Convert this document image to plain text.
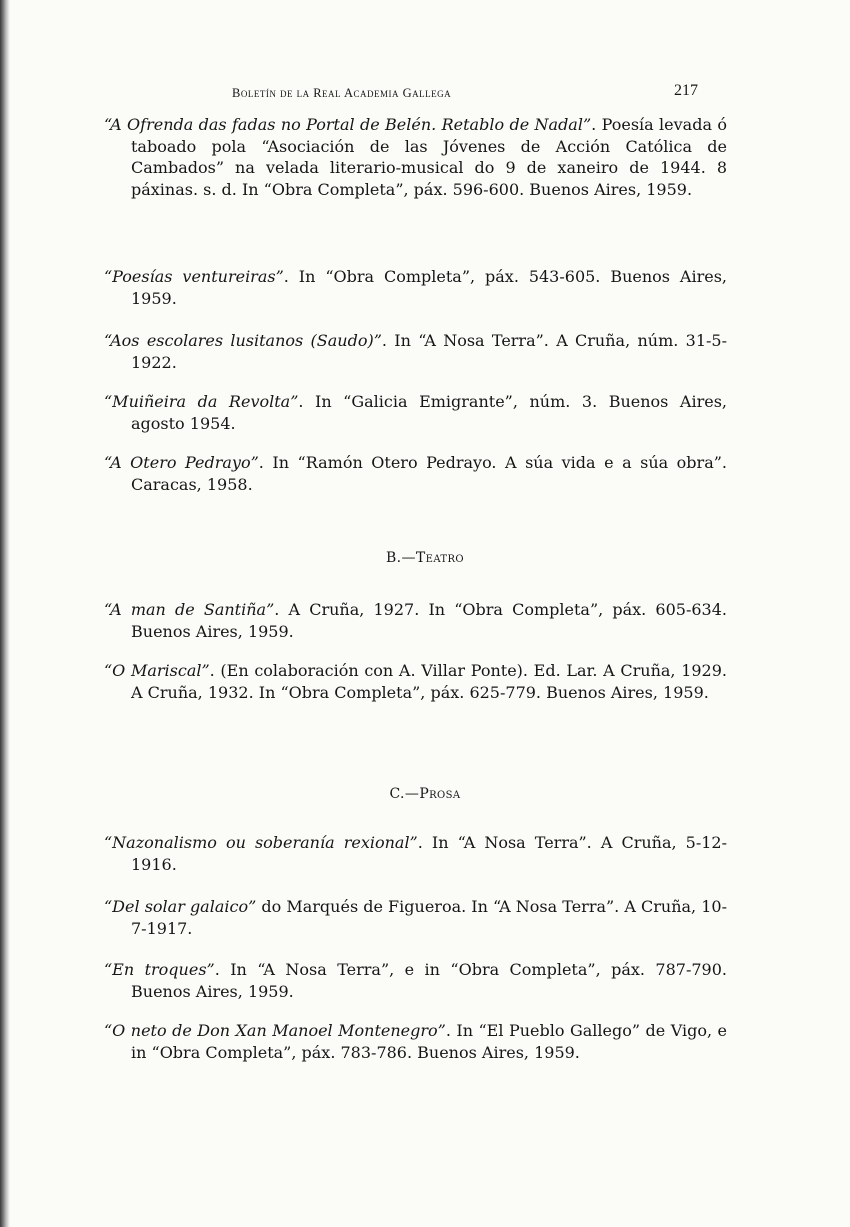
Boletín de la Real Academia Gallega	217

“A Ofrenda das fadas no Portal de Belén. Retablo de Nadal”. Poesía levada ó taboado pola “Asociación de las Jóvenes de Acción Católica de Cambados” na velada literario-musical do 9 de xaneiro de 1944. 8 páxinas. s. d. In “Obra Completa”, páx. 596-600. Buenos Aires, 1959.

“Poesías ventureiras”. In “Obra Completa”, páx. 543-605. Buenos Aires, 1959.

“Aos escolares lusitanos (Saudo)”. In “A Nosa Terra”. A Cruña, núm. 31-5-1922.

“Muiñeira da Revolta”. In “Galicia Emigrante”, núm. 3. Buenos Aires, agosto 1954.

“A Otero Pedrayo”. In “Ramón Otero Pedrayo. A súa vida e a súa obra”. Caracas, 1958.

B.—Teatro

“A man de Santiña”. A Cruña, 1927. In “Obra Completa”, páx. 605-634. Buenos Aires, 1959.

“O Mariscal”. (En colaboración con A. Villar Ponte). Ed. Lar. A Cruña, 1929. A Cruña, 1932. In “Obra Completa”, páx. 625-779. Buenos Aires, 1959.

C.—Prosa

“Nazonalismo ou soberanía rexional”. In “A Nosa Terra”. A Cruña, 5-12-1916.

“Del solar galaico” do Marqués de Figueroa. In “A Nosa Terra”. A Cruña, 10-7-1917.

“En troques”. In “A Nosa Terra”, e in “Obra Completa”, páx. 787-790. Buenos Aires, 1959.

“O neto de Don Xan Manoel Montenegro”. In “El Pueblo Gallego” de Vigo, e in “Obra Completa”, páx. 783-786. Buenos Aires, 1959.
